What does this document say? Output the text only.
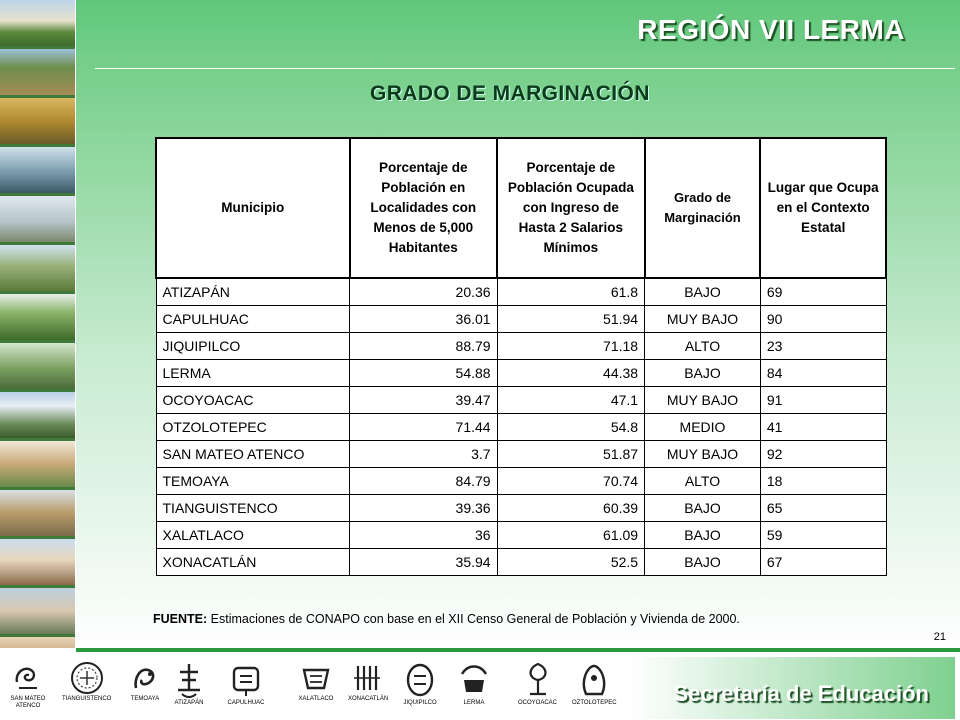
REGIÓN VII LERMA
GRADO DE MARGINACIÓN
Municipio	Porcentaje de Población en Localidades con Menos de 5,000 Habitantes	Porcentaje de Población Ocupada con Ingreso de Hasta 2 Salarios Mínimos	Grado de Marginación	Lugar que Ocupa en el Contexto Estatal
ATIZAPÁN	20.36	61.8	BAJO	69
CAPULHUAC	36.01	51.94	MUY BAJO	90
JIQUIPILCO	88.79	71.18	ALTO	23
LERMA	54.88	44.38	BAJO	84
OCOYOACAC	39.47	47.1	MUY BAJO	91
OTZOLOTEPEC	71.44	54.8	MEDIO	41
SAN MATEO ATENCO	3.7	51.87	MUY BAJO	92
TEMOAYA	84.79	70.74	ALTO	18
TIANGUISTENCO	39.36	60.39	BAJO	65
XALATLACO	36	61.09	BAJO	59
XONACATLÁN	35.94	52.5	BAJO	67
FUENTE: Estimaciones de CONAPO con base en el XII Censo General de Población y Vivienda de 2000.
21
Secretaría de Educación
SAN MATEO ATENCO
TIANGUISTENCO	TEMOAYA
ATIZAPÁN	CAPULHUAC
XALATLACO XONACATLÁN
JIQUIPILCO	LERMA	OCOYOACAC OZTOLOTEPEC
